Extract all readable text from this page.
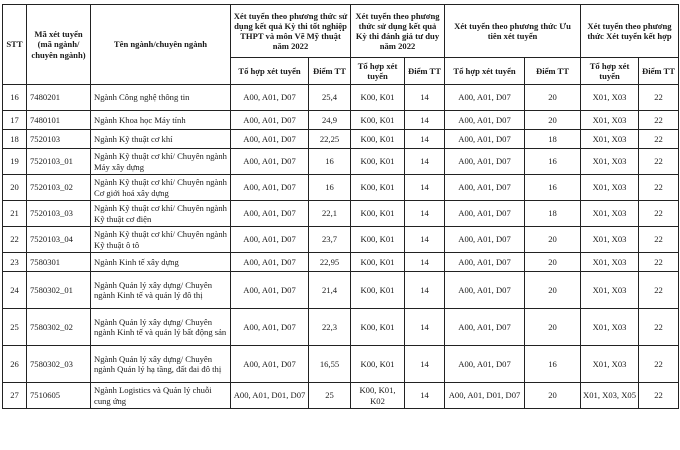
STT	Mã xét tuyển (mã ngành/ chuyên ngành)	Tên ngành/chuyên ngành	Xét tuyển theo phương thức sử dụng kết quả Kỳ thi tốt nghiệp THPT và môn Vẽ Mỹ thuật năm 2022		Xét tuyển theo phương thức sử dụng kết quả Kỳ thi đánh giá tư duy năm 2022		Xét tuyển theo phương thức Ưu tiên xét tuyển		Xét tuyển theo phương thức Xét tuyển kết hợp	
			Tổ hợp xét tuyển	Điểm TT	Tổ hợp xét tuyển	Điểm TT	Tổ hợp xét tuyển	Điểm TT	Tổ hợp xét tuyển	Điểm TT
16	7480201	Ngành Công nghệ thông tin	A00, A01, D07	25,4	K00, K01	14	A00, A01, D07	20	X01, X03	22
17	7480101	Ngành Khoa học Máy tính	A00, A01, D07	24,9	K00, K01	14	A00, A01, D07	20	X01, X03	22
18	7520103	Ngành Kỹ thuật cơ khí	A00, A01, D07	22,25	K00, K01	14	A00, A01, D07	18	X01, X03	22
19	7520103_01	Ngành Kỹ thuật cơ khí/ Chuyên ngành Máy xây dựng	A00, A01, D07	16	K00, K01	14	A00, A01, D07	16	X01, X03	22
20	7520103_02	Ngành Kỹ thuật cơ khí/ Chuyên ngành Cơ giới hoá xây dựng	A00, A01, D07	16	K00, K01	14	A00, A01, D07	16	X01, X03	22
21	7520103_03	Ngành Kỹ thuật cơ khí/ Chuyên ngành Kỹ thuật cơ điện	A00, A01, D07	22,1	K00, K01	14	A00, A01, D07	18	X01, X03	22
22	7520103_04	Ngành Kỹ thuật cơ khí/ Chuyên ngành Kỹ thuật ô tô	A00, A01, D07	23,7	K00, K01	14	A00, A01, D07	20	X01, X03	22
23	7580301	Ngành Kinh tế xây dựng	A00, A01, D07	22,95	K00, K01	14	A00, A01, D07	20	X01, X03	22
24	7580302_01	Ngành Quản lý xây dựng/ Chuyên ngành Kinh tế và quản lý đô thị	A00, A01, D07	21,4	K00, K01	14	A00, A01, D07	20	X01, X03	22
25	7580302_02	Ngành Quản lý xây dựng/ Chuyên ngành Kinh tế và quản lý bất động sản	A00, A01, D07	22,3	K00, K01	14	A00, A01, D07	20	X01, X03	22
26	7580302_03	Ngành Quản lý xây dựng/ Chuyên ngành Quản lý hạ tầng, đất đai đô thị	A00, A01, D07	16,55	K00, K01	14	A00, A01, D07	16	X01, X03	22
27	7510605	Ngành Logistics và Quản lý chuỗi cung ứng	A00, A01, D01, D07	25	K00, K01, K02	14	A00, A01, D01, D07	20	X01, X03, X05	22
